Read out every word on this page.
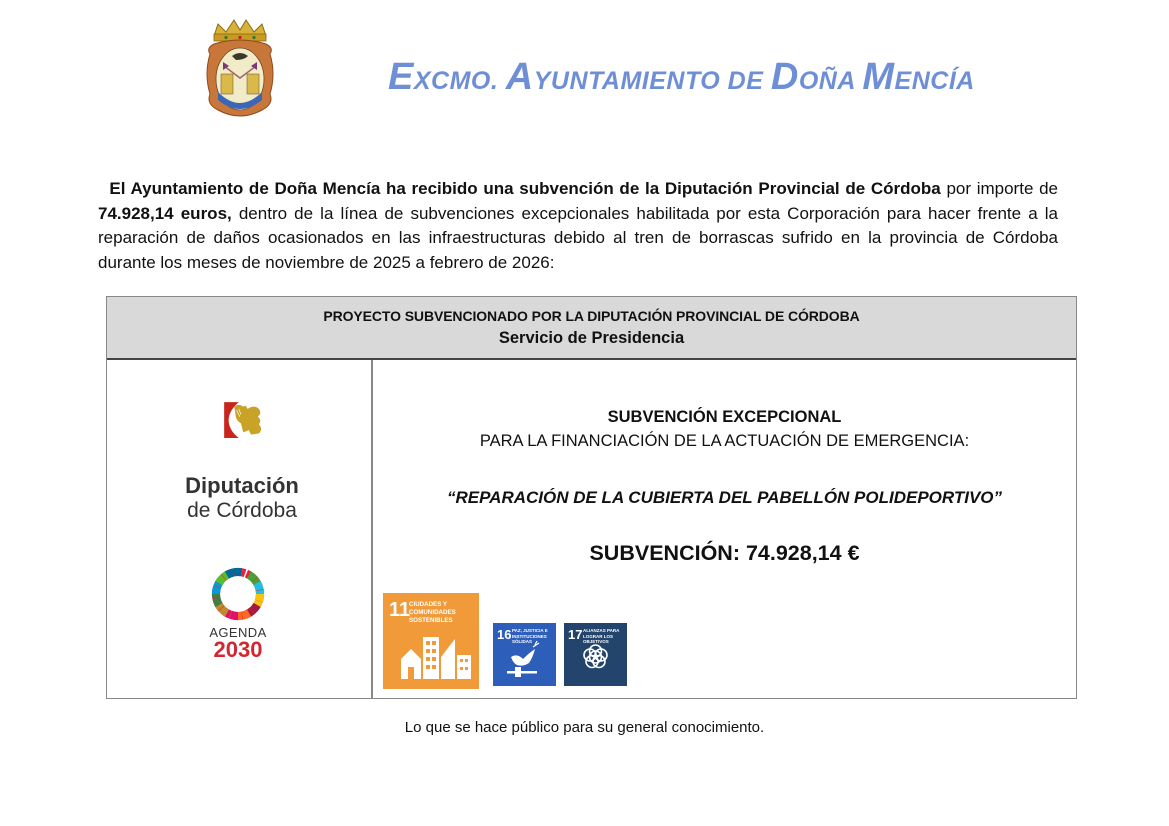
EXCMO. AYUNTAMIENTO DE DOÑA MENCÍA

El Ayuntamiento de Doña Mencía ha recibido una subvención de la Diputación Provincial de Córdoba por importe de 74.928,14 euros, dentro de la línea de subvenciones excepcionales habilitada por esta Corporación para hacer frente a la reparación de daños ocasionados en las infraestructuras debido al tren de borrascas sufrido en la provincia de Córdoba durante los meses de noviembre de 2025 a febrero de 2026:

PROYECTO SUBVENCIONADO POR LA DIPUTACIÓN PROVINCIAL DE CÓRDOBA
Servicio de Presidencia
Diputación
de Córdoba
AGENDA
2030
SUBVENCIÓN EXCEPCIONAL
PARA LA FINANCIACIÓN DE LA ACTUACIÓN DE EMERGENCIA:
“REPARACIÓN DE LA CUBIERTA DEL PABELLÓN POLIDEPORTIVO”
SUBVENCIÓN: 74.928,14 €
11
CIUDADES Y COMUNIDADES SOSTENIBLES
16 PAZ, JUSTICIA E INSTITUCIONES SÓLIDAS	17 ALIANZAS PARA LOGRAR LOS OBJETIVOS
Lo que se hace público para su general conocimiento.
